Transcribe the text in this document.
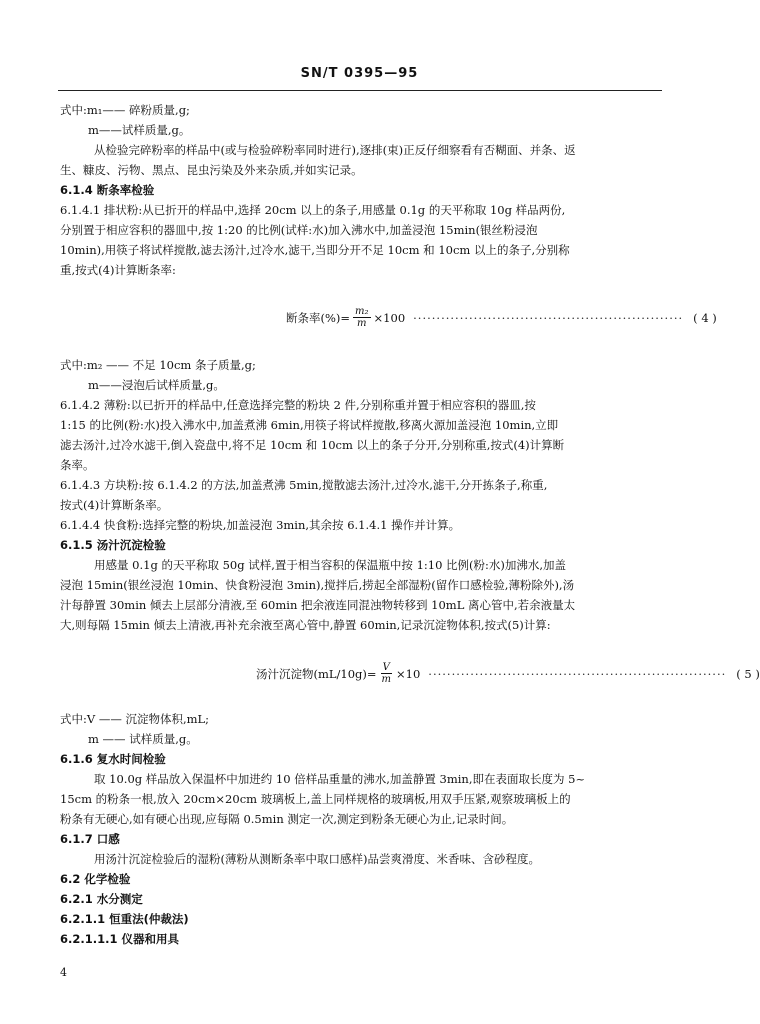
SN/T 0395—95
式中:m₁—— 碎粉质量,g;
m——试样质量,g。
从检验完碎粉率的样品中(或与检验碎粉率同时进行),逐排(束)正反仔细察看有否糊面、并条、返
生、糠皮、污物、黑点、昆虫污染及外来杂质,并如实记录。
6.1.4 断条率检验
6.1.4.1 排状粉:从已折开的样品中,选择 20cm 以上的条子,用感量 0.1g 的天平称取 10g 样品两份,
分别置于相应容积的器皿中,按 1:20 的比例(试样:水)加入沸水中,加盖浸泡 15min(银丝粉浸泡
10min),用筷子将试样搅散,滤去汤汁,过冷水,滤干,当即分开不足 10cm 和 10cm 以上的条子,分别称
重,按式(4)计算断条率:
断条率(%)= $\frac{\text{m₂}}{m} \times 100$ ·························································· ( 4 )
式中:m₂ —— 不足 10cm 条子质量,g;
m——浸泡后试样质量,g。
6.1.4.2 薄粉:以已折开的样品中,任意选择完整的粉块 2 件,分别称重并置于相应容积的器皿,按
1:15 的比例(粉:水)投入沸水中,加盖煮沸 6min,用筷子将试样搅散,移离火源加盖浸泡 10min,立即
滤去汤汁,过冷水滤干,倒入瓷盘中,将不足 10cm 和 10cm 以上的条子分开,分别称重,按式(4)计算断
条率。
6.1.4.3 方块粉:按 6.1.4.2 的方法,加盖煮沸 5min,搅散滤去汤汁,过冷水,滤干,分开拣条子,称重,
按式(4)计算断条率。
6.1.4.4 快食粉:选择完整的粉块,加盖浸泡 3min,其余按 6.1.4.1 操作并计算。
6.1.5 汤汁沉淀检验
用感量 0.1g 的天平称取 50g 试样,置于相当容积的保温瓶中按 1:10 比例(粉:水)加沸水,加盖
浸泡 15min(银丝浸泡 10min、快食粉浸泡 3min),搅拌后,捞起全部湿粉(留作口感检验,薄粉除外),汤
汁每静置 30min 倾去上层部分清液,至 60min 把余液连同混浊物转移到 10mL 离心管中,若余液量太
大,则每隔 15min 倾去上清液,再补充余液至离心管中,静置 60min,记录沉淀物体积,按式(5)计算:
汤汁沉淀物$(mL/10g)= \frac{V}{m} \times 10$ ································································ ( 5 )
式中:V —— 沉淀物体积,mL;
m —— 试样质量,g。
6.1.6 复水时间检验
取 10.0g 样品放入保温杯中加进约 10 倍样品重量的沸水,加盖静置 3min,即在表面取长度为 5~
15cm 的粉条一根,放入 20cm×20cm 玻璃板上,盖上同样规格的玻璃板,用双手压紧,观察玻璃板上的
粉条有无硬心,如有硬心出现,应每隔 0.5min 测定一次,测定到粉条无硬心为止,记录时间。
6.1.7 口感
用汤汁沉淀检验后的湿粉(薄粉从测断条率中取口感样)品尝爽滑度、米香味、含砂程度。
6.2 化学检验
6.2.1 水分测定
6.2.1.1 恒重法(仲裁法)
6.2.1.1.1 仪器和用具
4
